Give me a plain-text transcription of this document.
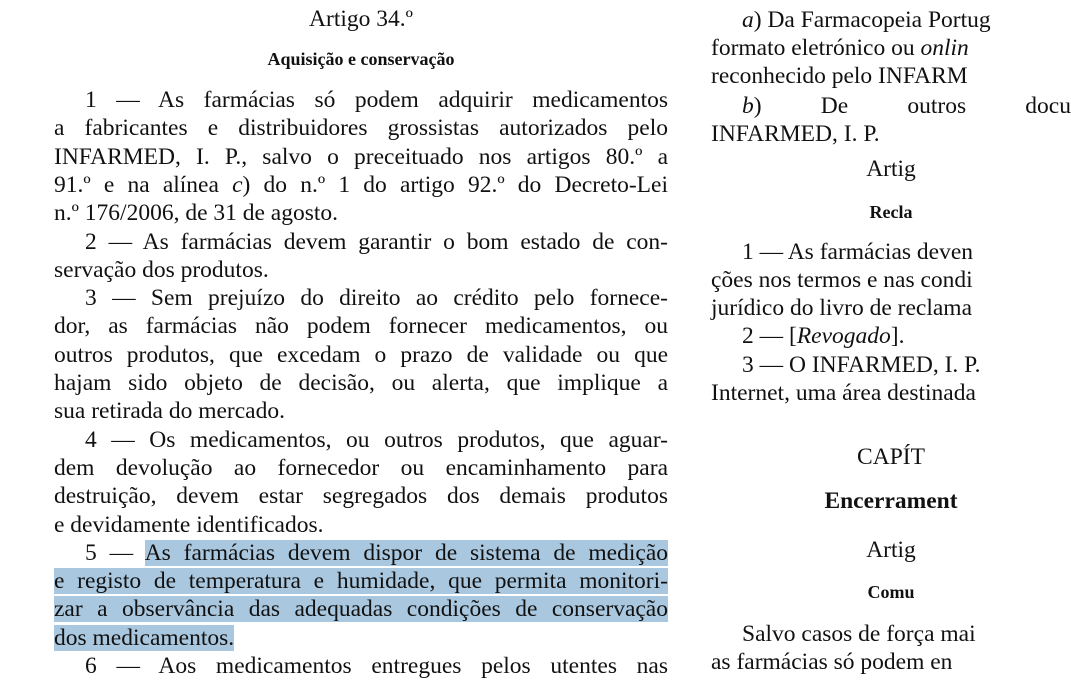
Artigo 34.º
Aquisição e conservação
1 — As farmácias só podem adquirir medicamentos
a fabricantes e distribuidores grossistas autorizados pelo
INFARMED, I. P., salvo o preceituado nos artigos 80.º a
91.º e na alínea c) do n.º 1 do artigo 92.º do Decreto-Lei
n.º 176/2006, de 31 de agosto.
2 — As farmácias devem garantir o bom estado de con-
servação dos produtos.
3 — Sem prejuízo do direito ao crédito pelo fornece-
dor, as farmácias não podem fornecer medicamentos, ou
outros produtos, que excedam o prazo de validade ou que
hajam sido objeto de decisão, ou alerta, que implique a
sua retirada do mercado.
4 — Os medicamentos, ou outros produtos, que aguar-
dem devolução ao fornecedor ou encaminhamento para
destruição, devem estar segregados dos demais produtos
e devidamente identificados.
5 — As farmácias devem dispor de sistema de medição
e registo de temperatura e humidade, que permita monitori-
zar a observância das adequadas condições de conservação
dos medicamentos.
6 — Aos medicamentos entregues pelos utentes nas
a) Da Farmacopeia Portug
formato eletrónico ou onlin
reconhecido pelo INFARM
b) De outros docu
INFARMED, I. P.
Artig
Recla
1 — As farmácias deven
ções nos termos e nas condi
jurídico do livro de reclama
2 — [Revogado].
3 — O INFARMED, I. P.
Internet, uma área destinada
CAPÍT
Encerrament
Artig
Comu
Salvo casos de força mai
as farmácias só podem en
